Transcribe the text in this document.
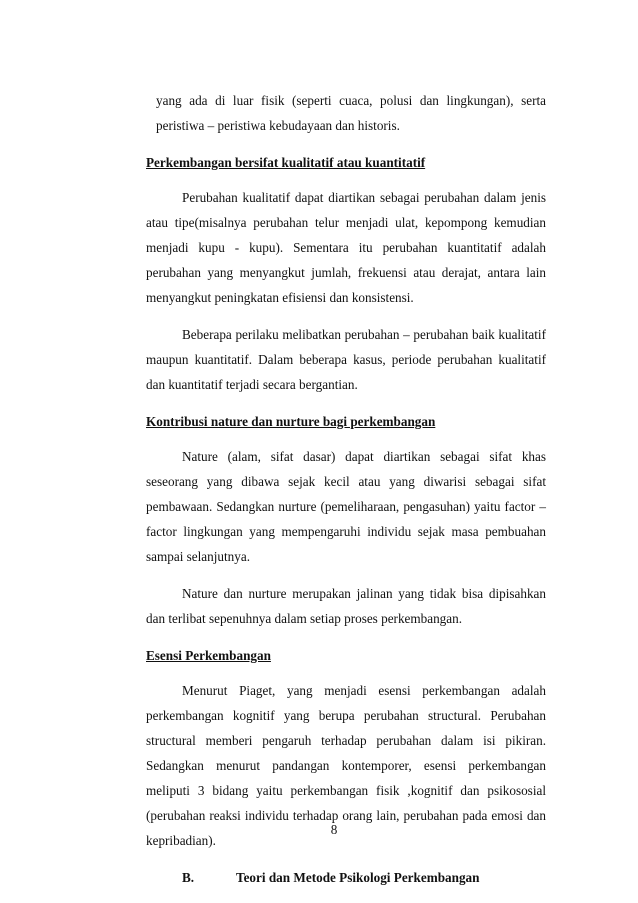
yang ada di luar fisik (seperti cuaca, polusi dan lingkungan), serta peristiwa – peristiwa kebudayaan dan historis.

Perkembangan bersifat kualitatif atau kuantitatif

Perubahan kualitatif dapat diartikan sebagai perubahan dalam jenis atau tipe(misalnya perubahan telur menjadi ulat, kepompong kemudian menjadi kupu - kupu). Sementara itu perubahan kuantitatif adalah perubahan yang menyangkut jumlah, frekuensi atau derajat, antara lain menyangkut peningkatan efisiensi dan konsistensi.

Beberapa perilaku melibatkan perubahan – perubahan baik kualitatif maupun kuantitatif. Dalam beberapa kasus, periode perubahan kualitatif dan kuantitatif terjadi secara bergantian.

Kontribusi nature dan nurture bagi perkembangan

Nature (alam, sifat dasar) dapat diartikan sebagai sifat khas seseorang yang dibawa sejak kecil atau yang diwarisi sebagai sifat pembawaan. Sedangkan nurture (pemeliharaan, pengasuhan) yaitu factor – factor lingkungan yang mempengaruhi individu sejak masa pembuahan sampai selanjutnya.

Nature dan nurture merupakan jalinan yang tidak bisa dipisahkan dan terlibat sepenuhnya dalam setiap proses perkembangan.

Esensi Perkembangan

Menurut Piaget, yang menjadi esensi perkembangan adalah perkembangan kognitif yang berupa perubahan structural. Perubahan structural memberi pengaruh terhadap perubahan dalam isi pikiran. Sedangkan menurut pandangan kontemporer, esensi perkembangan meliputi 3 bidang yaitu perkembangan fisik ,kognitif dan psikososial (perubahan reaksi individu terhadap orang lain, perubahan pada emosi dan kepribadian).

B.	Teori dan Metode Psikologi Perkembangan

8
